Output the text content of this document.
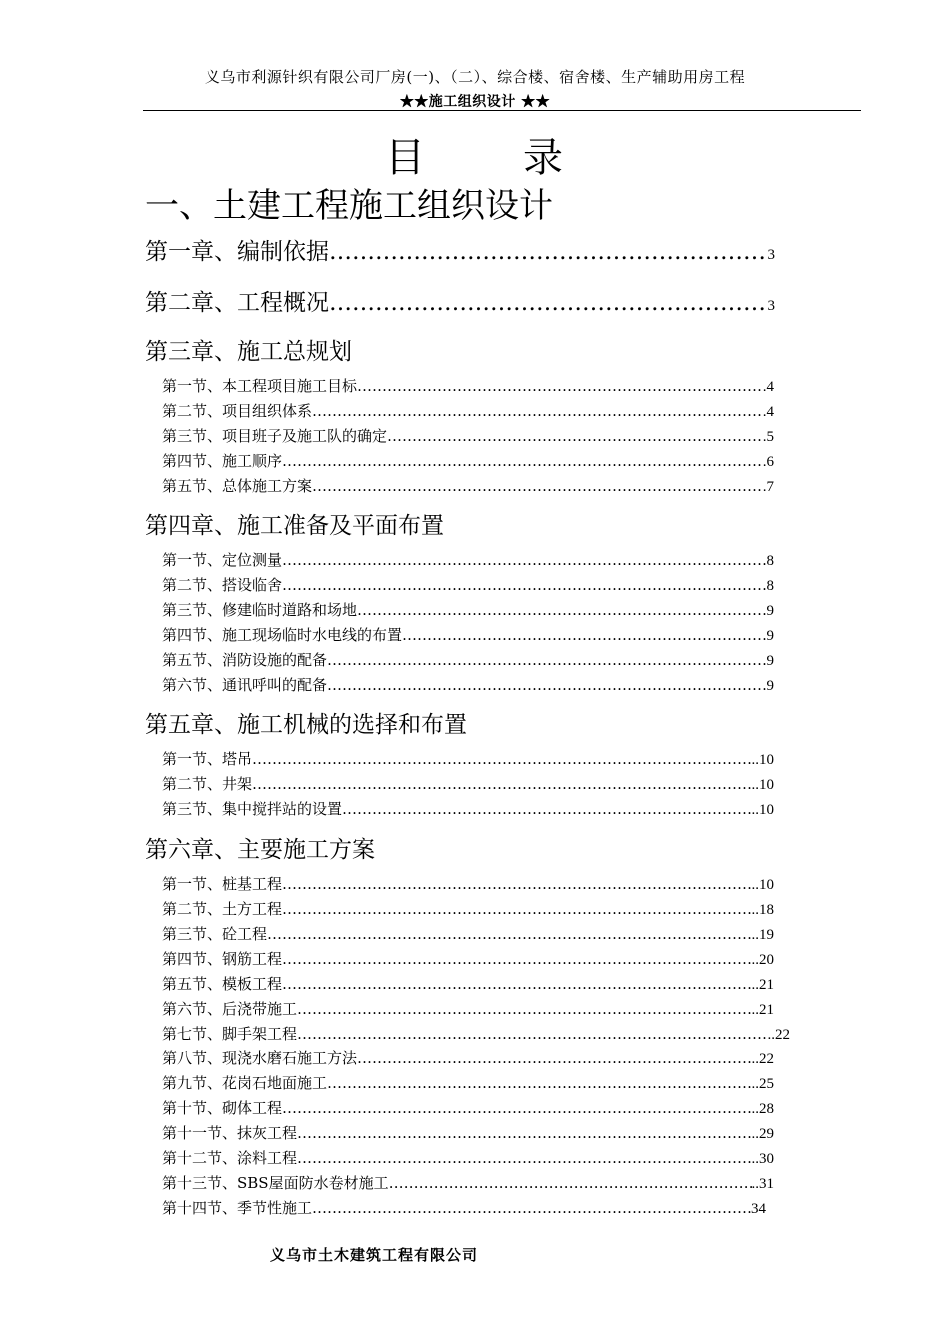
义乌市利源针织有限公司厂房(一)、（二）、综合楼、宿舍楼、生产辅助用房工程
★★施工组织设计 ★★
目 录
一、土建工程施工组织设计
第一章、编制依据 …………………………………………………………………………………………………………………………………………………………………………………………………………………………	3
第二章、工程概况 …………………………………………………………………………………………………………………………………………………………………………………………………………………………	3
第三章、施工总规划
第一节、本工程项目施工目标 …………………………………………………………………………………………………………………………………………………………………………………………………………………………	.4
第二节、项目组织体系 …………………………………………………………………………………………………………………………………………………………………………………………………………………………	.4
第三节、项目班子及施工队的确定 …………………………………………………………………………………………………………………………………………………………………………………………………………………………	.5
第四节、施工顺序 …………………………………………………………………………………………………………………………………………………………………………………………………………………………	.6
第五节、总体施工方案 …………………………………………………………………………………………………………………………………………………………………………………………………………………………	.7
第四章、施工准备及平面布置
第一节、定位测量 …………………………………………………………………………………………………………………………………………………………………………………………………………………………	8
第二节、搭设临舍 …………………………………………………………………………………………………………………………………………………………………………………………………………………………	8
第三节、修建临时道路和场地 …………………………………………………………………………………………………………………………………………………………………………………………………………………………	9
第四节、施工现场临时水电线的布置 …………………………………………………………………………………………………………………………………………………………………………………………………………………………	9
第五节、消防设施的配备 …………………………………………………………………………………………………………………………………………………………………………………………………………………………	9
第六节、通讯呼叫的配备 …………………………………………………………………………………………………………………………………………………………………………………………………………………………	9
第五章、施工机械的选择和布置
第一节、塔吊 …………………………………………………………………………………………………………………………………………………………………………………………………………………………	..10
第二节、井架 …………………………………………………………………………………………………………………………………………………………………………………………………………………………	..10
第三节、集中搅拌站的设置 …………………………………………………………………………………………………………………………………………………………………………………………………………………………	..10
第六章、主要施工方案
第一节、桩基工程 …………………………………………………………………………………………………………………………………………………………………………………………………………………………	..10
第二节、土方工程 …………………………………………………………………………………………………………………………………………………………………………………………………………………………	..18
第三节、砼工程 …………………………………………………………………………………………………………………………………………………………………………………………………………………………	..19
第四节、钢筋工程 …………………………………………………………………………………………………………………………………………………………………………………………………………………………	..20
第五节、模板工程 …………………………………………………………………………………………………………………………………………………………………………………………………………………………	..21
第六节、后浇带施工 …………………………………………………………………………………………………………………………………………………………………………………………………………………………	..21
第七节、脚手架工程 …………………………………………………………………………………………………………………………………………………………………………………………………………………………	..22
第八节、现浇水磨石施工方法 …………………………………………………………………………………………………………………………………………………………………………………………………………………………	..22
第九节、花岗石地面施工 …………………………………………………………………………………………………………………………………………………………………………………………………………………………	..25
第十节、砌体工程 …………………………………………………………………………………………………………………………………………………………………………………………………………………………	..28
第十一节、抹灰工程 …………………………………………………………………………………………………………………………………………………………………………………………………………………………	..29
第十二节、涂料工程 …………………………………………………………………………………………………………………………………………………………………………………………………………………………	..30
第十三节、SBS屋面防水卷材施工 …………………………………………………………………………………………………………………………………………………………………………………………………………………………	..31
第十四节、季节性施工 …………………………………………………………………………………………………………………………………………………………………………………………………………………………	34
义乌市土木建筑工程有限公司
